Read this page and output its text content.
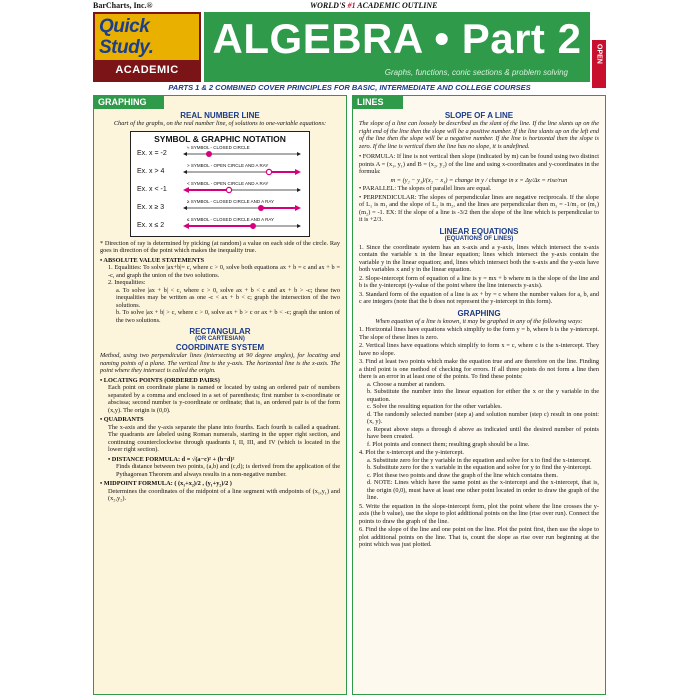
BarCharts, Inc.®	WORLD'S #1 ACADEMIC OUTLINE
Quick
Study.
ACADEMIC
ALGEBRA • Part 2
Graphs, functions, conic sections & problem solving
OPEN
PARTS 1 & 2 COMBINED COVER PRINCIPLES FOR BASIC, INTERMEDIATE AND COLLEGE COURSES
GRAPHING
REAL NUMBER LINE
Chart of the graphs, on the real number line, of solutions to one-variable equations:
SYMBOL & GRAPHIC NOTATION
Ex. x = -2
≈ SYMBOL - CLOSED CIRCLE
Ex. x > 4
> SYMBOL - OPEN CIRCLE AND A RAY
Ex. x < -1
< SYMBOL - OPEN CIRCLE AND A RAY
Ex. x ≥ 3
≥ SYMBOL - CLOSED CIRCLE AND A RAY
Ex. x ≤ 2
≤ SYMBOL - CLOSED CIRCLE AND A RAY
* Direction of ray is determined by picking (at random) a value on each side of the circle. Ray goes in direction of the point which makes the inequality true.
• ABSOLUTE VALUE STATEMENTS
1. Equalities: To solve |ax+b|= c, where c > 0, solve both equations ax + b = c and ax + b = -c, and graph the union of the two solutions.
2. Inequalities:
a. To solve |ax + b| < c, where c > 0, solve ax + b < c and ax + b > -c; these two inequalities may be written as one -c < ax + b < c; graph the intersection of the two solutions.
b. To solve |ax + b| > c, where c > 0, solve ax + b > c or ax + b < -c; graph the union of the two solutions.
RECTANGULAR
(OR CARTESIAN)
COORDINATE SYSTEM
Method, using two perpendicular lines (intersecting at 90 degree angles), for locating and naming points of a plane. The vertical line is the y-axis. The horizontal line is the x-axis. The point where they intersect is called the origin.
• LOCATING POINTS (ORDERED PAIRS)
Each point on coordinate plane is named or located by using an ordered pair of numbers separated by a comma and enclosed in a set of parenthesis; first number is x-coordinate or abscissa; second number is y-coordinate or ordinate; that is, an ordered pair is of the form (x,y). The origin is (0,0).
• QUADRANTS
The x-axis and the y-axis separate the plane into fourths. Each fourth is called a quadrant. The quadrants are labeled using Roman numerals, starting in the upper right section, and continuing counterclockwise through quadrants I, II, III, and IV (which is located in the lower right section).
• DISTANCE FORMULA: d = √(a−c)² + (b−d)²
Finds distance between two points, (a,b) and (c,d); is derived from the application of the Pythagorean Theorem and always results in a non-negative number.
• MIDPOINT FORMULA: ( (x₁+x₂)/2 , (y₁+y₂)/2 )
Determines the coordinates of the midpoint of a line segment with endpoints of (x₁,y₁) and (x₂,y₂).
LINES
SLOPE OF A LINE
The slope of a line can loosely be described as the slant of the line. If the line slants up on the right end of the line then the slope will be a positive number. If the line slants up on the left end of the line then the slope will be a negative number. If the line is horizontal then the slope is zero. If the line is vertical then the line has no slope, it is undefined.
• FORMULA: If line is not vertical then slope (indicated by m) can be found using two distinct points A = (x₁, y₁) and B = (x₂, y₂) of the line and using x-coordinates and y-coordinates in the formula:
m = (y₂ − y₁)/(x₂ − x₁) = change in y / change in x = Δy/Δx = rise/run
• PARALLEL: The slopes of parallel lines are equal.
• PERPENDICULAR: The slopes of perpendicular lines are negative reciprocals. If the slope of L₁ is m₁ and the slope of L₂ is m₂, and the lines are perpendicular then m₁ = -1/m₂ or (m₁)(m₂) = -1. EX: If the slope of a line is -3/2 then the slope of the line which is perpendicular to it is +2/3.
LINEAR EQUATIONS
(EQUATIONS OF LINES)
1. Since the coordinate system has an x-axis and a y-axis, lines which intersect the x-axis contain the variable x in the linear equation; lines which intersect the y-axis contain the variable y in the linear equation; and, lines which intersect both the x-axis and the y-axis have both variables x and y in the linear equation.
2. Slope-intercept form of equation of a line is y = mx + b where m is the slope of the line and b is the y-intercept (y-value of the point where the line intersects y-axis).
3. Standard form of the equation of a line is ax + by = c where the number values for a, b, and c are integers (note that the b does not represent the y-intercept in this form).
GRAPHING
When equation of a line is known, it may be graphed in any of the following ways:
1. Horizontal lines have equations which simplify to the form y = b, where b is the y-intercept. The slope of these lines is zero.
2. Vertical lines have equations which simplify to form x = c, where c is the x-intercept. They have no slope.
3. Find at least two points which make the equation true and are therefore on the line. Finding a third point is one method of checking for errors. If all three points do not form a line then there is an error in at least one of the points. To find these points:
a. Choose a number at random.
b. Substitute the number into the linear equation for either the x or the y variable in the equation.
c. Solve the resulting equation for the other variables.
d. The randomly selected number (step a) and solution number (step c) result in one point: (x, y).
e. Repeat above steps a through d above as indicated until the desired number of points have been created.
f. Plot points and connect them; resulting graph should be a line.
4. Plot the x-intercept and the y-intercept.
a. Substitute zero for the y variable in the equation and solve for x to find the x-intercept.
b. Substitute zero for the x variable in the equation and solve for y to find the y-intercept.
c. Plot these two points and draw the graph of the line which contains them.
d. NOTE: Lines which have the same point as the x-intercept and the x-intercept, that is, the origin (0,0), must have at least one other point located in order to draw the graph of the line.
5. Write the equation in the slope-intercept form, plot the point where the line crosses the y-axis (the b value), use the slope to plot additional points on the line (rise over run). Connect the points to draw the graph of the line.
6. Find the slope of the line and one point on the line. Plot the point first, then use the slope to plot additional points on the line. That is, count the slope as rise over run beginning at the point which was just plotted.
